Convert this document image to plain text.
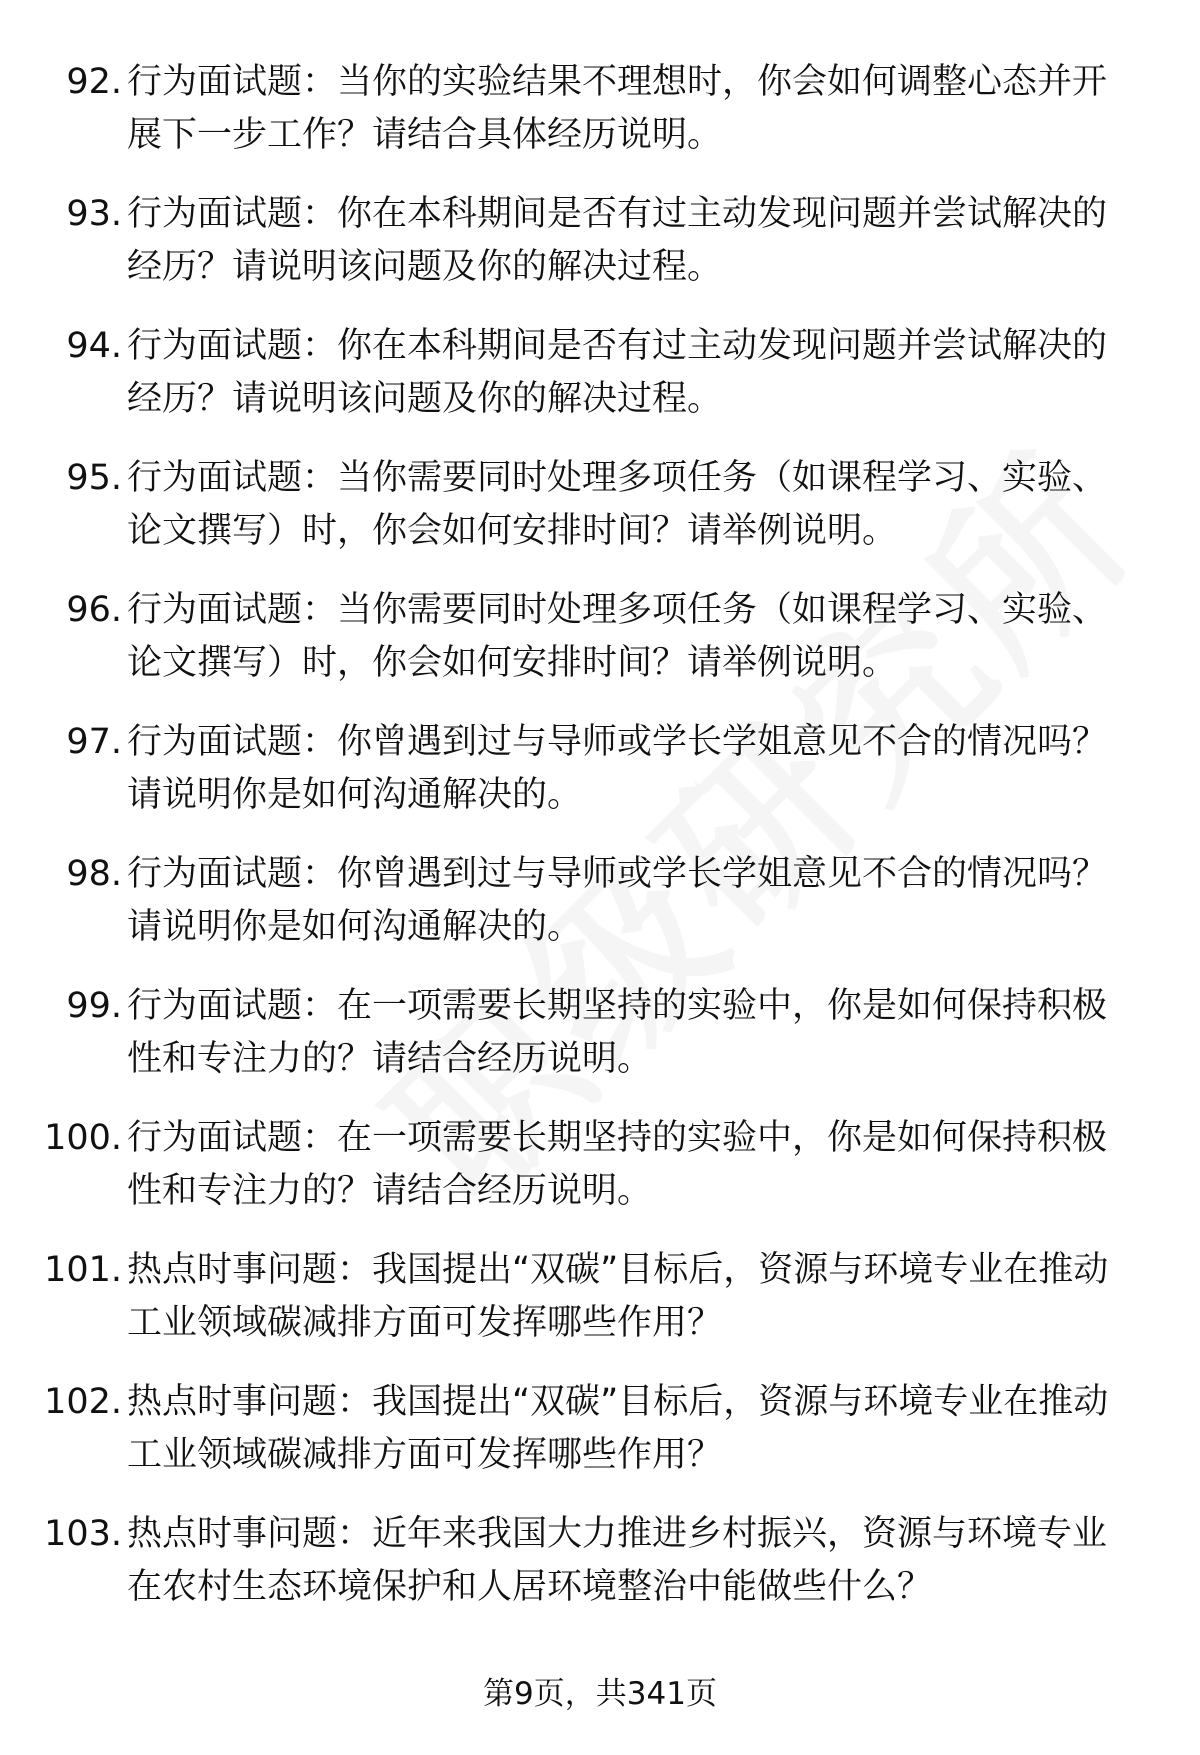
92. 行为面试题：当你的实验结果不理想时，你会如何调整心态并开展下一步工作？请结合具体经历说明。
93. 行为面试题：你在本科期间是否有过主动发现问题并尝试解决的经历？请说明该问题及你的解决过程。
94. 行为面试题：你在本科期间是否有过主动发现问题并尝试解决的经历？请说明该问题及你的解决过程。
95. 行为面试题：当你需要同时处理多项任务（如课程学习、实验、论文撰写）时，你会如何安排时间？请举例说明。
96. 行为面试题：当你需要同时处理多项任务（如课程学习、实验、论文撰写）时，你会如何安排时间？请举例说明。
97. 行为面试题：你曾遇到过与导师或学长学姐意见不合的情况吗？请说明你是如何沟通解决的。
98. 行为面试题：你曾遇到过与导师或学长学姐意见不合的情况吗？请说明你是如何沟通解决的。
99. 行为面试题：在一项需要长期坚持的实验中，你是如何保持积极性和专注力的？请结合经历说明。
100. 行为面试题：在一项需要长期坚持的实验中，你是如何保持积极性和专注力的？请结合经历说明。
101. 热点时事问题：我国提出“双碳”目标后，资源与环境专业在推动工业领域碳减排方面可发挥哪些作用？
102. 热点时事问题：我国提出“双碳”目标后，资源与环境专业在推动工业领域碳减排方面可发挥哪些作用？
103. 热点时事问题：近年来我国大力推进乡村振兴，资源与环境专业在农村生态环境保护和人居环境整治中能做些什么？
第9页，共341页
